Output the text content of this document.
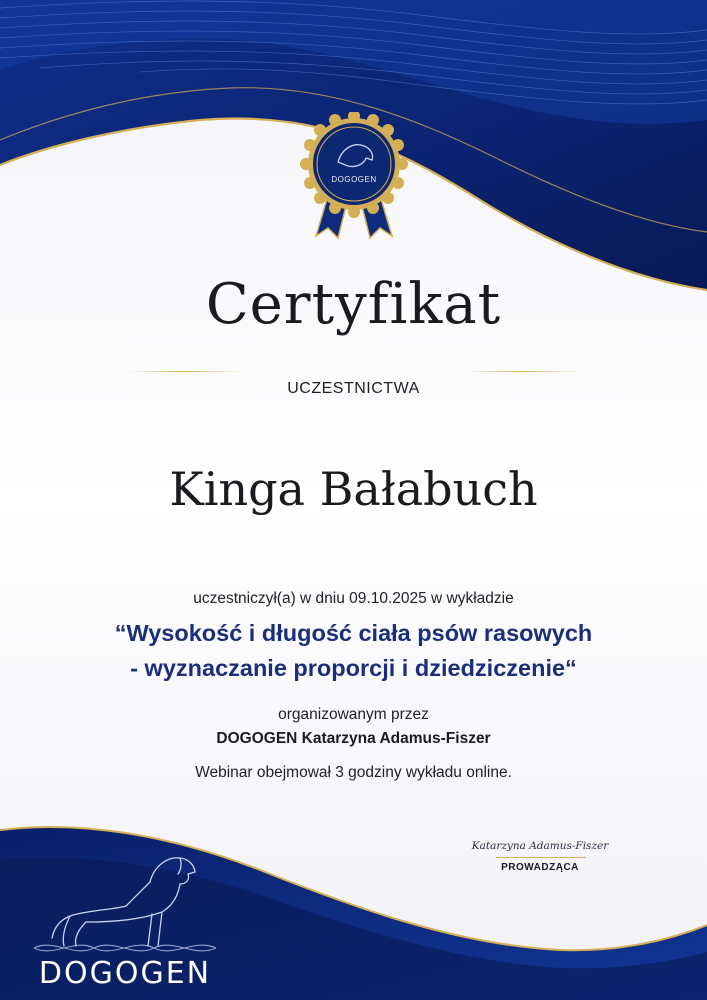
DOGOGEN
Certyfikat
UCZESTNICTWA
Kinga Bałabuch
uczestniczył(a) w dniu 09.10.2025 w wykładzie
“Wysokość i długość ciała psów rasowych
- wyznaczanie proporcji i dziedziczenie“
organizowanym przez
DOGOGEN Katarzyna Adamus-Fiszer
Webinar obejmował 3 godziny wykładu online.
Katarzyna Adamus-Fiszer
PROWADZĄCA
DOGOGEN
